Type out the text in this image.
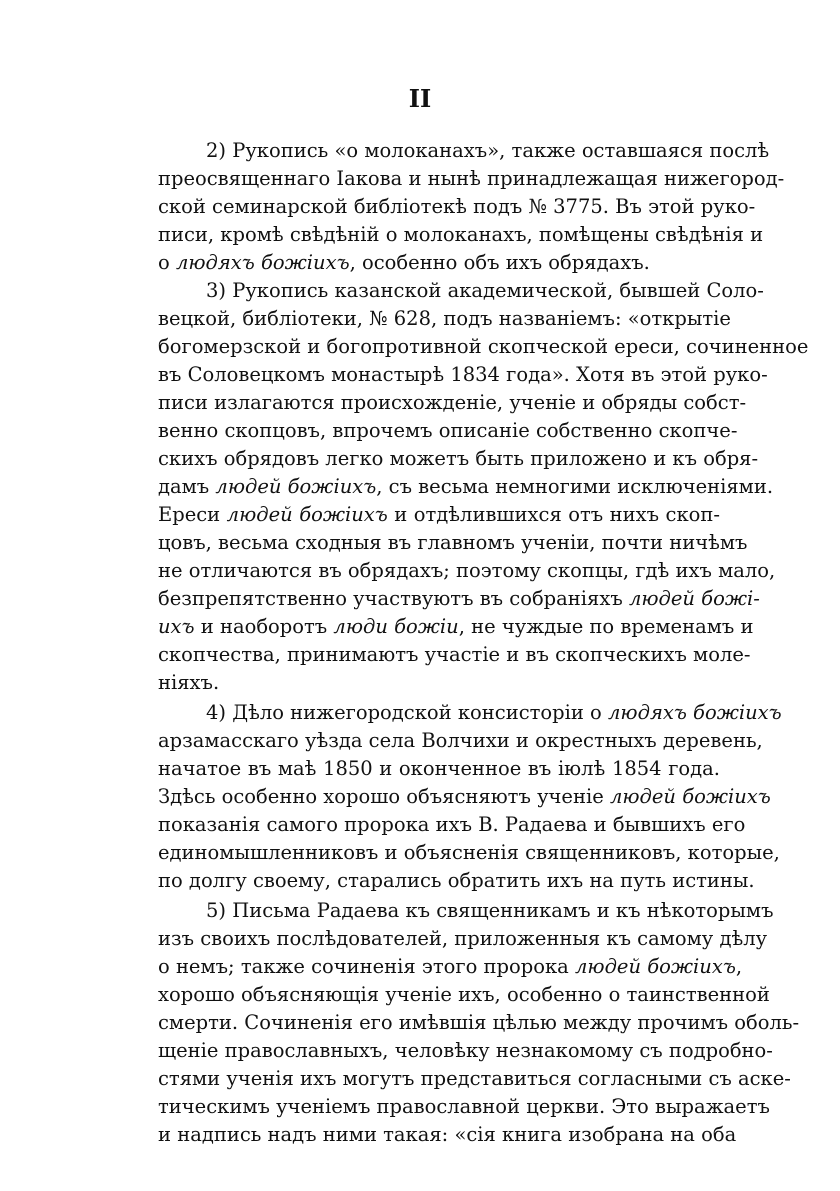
II
2) Рукопись «о молоканахъ», также оставшаяся послѣ
преосвященнаго Іакова и нынѣ принадлежащая нижегород-
ской семинарской библіотекѣ подъ № 3775. Въ этой руко-
писи, кромѣ свѣдѣній о молоканахъ, помѣщены свѣдѣнія и
о людяхъ божіихъ, особенно объ ихъ обрядахъ.
3) Рукопись казанской академической, бывшей Соло-
вецкой, библіотеки, № 628, подъ названіемъ: «открытіе
богомерзской и богопротивной скопческой ереси, сочиненное
въ Соловецкомъ монастырѣ 1834 года». Хотя въ этой руко-
писи излагаются происхожденіе, ученіе и обряды собст-
венно скопцовъ, впрочемъ описаніе собственно скопче-
скихъ обрядовъ легко можетъ быть приложено и къ обря-
дамъ людей божіихъ, съ весьма немногими исключеніями.
Ереси людей божіихъ и отдѣлившихся отъ нихъ скоп-
цовъ, весьма сходныя въ главномъ ученіи, почти ничѣмъ
не отличаются въ обрядахъ; поэтому скопцы, гдѣ ихъ мало,
безпрепятственно участвуютъ въ собраніяхъ людей божі-
ихъ и наоборотъ люди божіи, не чуждые по временамъ и
скопчества, принимаютъ участіе и въ скопческихъ моле-
ніяхъ.
4) Дѣло нижегородской консисторіи о людяхъ божіихъ
арзамасскаго уѣзда села Волчихи и окрестныхъ деревень,
начатое въ маѣ 1850 и оконченное въ іюлѣ 1854 года.
Здѣсь особенно хорошо объясняютъ ученіе людей божіихъ
показанія самого пророка ихъ В. Радаева и бывшихъ его
единомышленниковъ и объясненія священниковъ, которые,
по долгу своему, старались обратить ихъ на путь истины.
5) Письма Радаева къ священникамъ и къ нѣкоторымъ
изъ своихъ послѣдователей, приложенныя къ самому дѣлу
о немъ; также сочиненія этого пророка людей божіихъ,
хорошо объясняющія ученіе ихъ, особенно о таинственной
смерти. Сочиненія его имѣвшія цѣлью между прочимъ оболь-
щеніе православныхъ, человѣку незнакомому съ подробно-
стями ученія ихъ могутъ представиться согласными съ аске-
тическимъ ученіемъ православной церкви. Это выражаетъ
и надпись надъ ними такая: «сія книга изобрана на оба
